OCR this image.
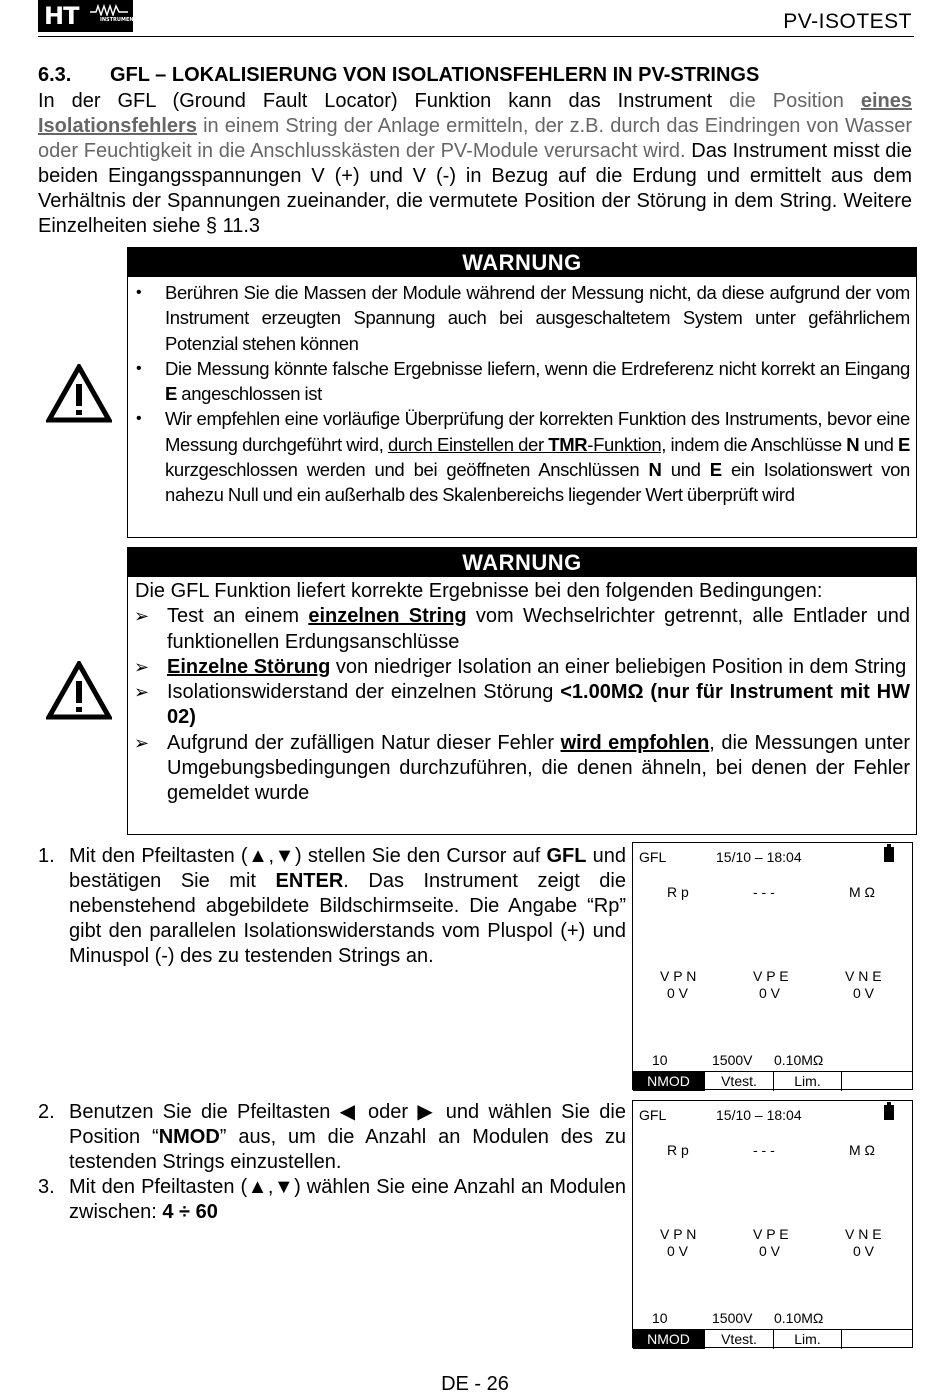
HT	INSTRUMENTS	PV-ISOTEST
6.3. GFL – LOKALISIERUNG VON ISOLATIONSFEHLERN IN PV-STRINGS
In der GFL (Ground Fault Locator) Funktion kann das Instrument die Position eines Isolationsfehlers in einem String der Anlage ermitteln, der z.B. durch das Eindringen von Wasser oder Feuchtigkeit in die Anschlusskästen der PV-Module verursacht wird. Das Instrument misst die beiden Eingangsspannungen V (+) und V (-) in Bezug auf die Erdung und ermittelt aus dem Verhältnis der Spannungen zueinander, die vermutete Position der Störung in dem String. Weitere Einzelheiten siehe § 11.3
WARNUNG
• Berühren Sie die Massen der Module während der Messung nicht, da diese aufgrund der vom Instrument erzeugten Spannung auch bei ausgeschaltetem System unter gefährlichem Potenzial stehen können
• Die Messung könnte falsche Ergebnisse liefern, wenn die Erdreferenz nicht korrekt an Eingang E angeschlossen ist
• Wir empfehlen eine vorläufige Überprüfung der korrekten Funktion des Instruments, bevor eine Messung durchgeführt wird, durch Einstellen der TMR-Funktion, indem die Anschlüsse N und E kurzgeschlossen werden und bei geöffneten Anschlüssen N und E ein Isolationswert von nahezu Null und ein außerhalb des Skalenbereichs liegender Wert überprüft wird
WARNUNG
Die GFL Funktion liefert korrekte Ergebnisse bei den folgenden Bedingungen:
➢ Test an einem einzelnen String vom Wechselrichter getrennt, alle Entlader und funktionellen Erdungsanschlüsse
➢ Einzelne Störung von niedriger Isolation an einer beliebigen Position in dem String
➢ Isolationswiderstand der einzelnen Störung <1.00MΩ (nur für Instrument mit HW 02)
➢ Aufgrund der zufälligen Natur dieser Fehler wird empfohlen, die Messungen unter Umgebungsbedingungen durchzuführen, die denen ähneln, bei denen der Fehler gemeldet wurde
1. Mit den Pfeiltasten (▲,▼) stellen Sie den Cursor auf GFL und bestätigen Sie mit ENTER. Das Instrument zeigt die nebenstehend abgebildete Bildschirmseite. Die Angabe “Rp” gibt den parallelen Isolationswiderstands vom Pluspol (+) und Minuspol (-) des zu testenden Strings an.
GFL	15/10 – 18:04
R p	- - -	M Ω
V P N	V P E	V N E
0 V	0 V	0 V
10	1500V 0.10MΩ
NMOD	Vtest.	Lim.
2. Benutzen Sie die Pfeiltasten ◀ oder ▶ und wählen Sie die Position “NMOD” aus, um die Anzahl an Modulen des zu testenden Strings einzustellen.
3. Mit den Pfeiltasten (▲,▼) wählen Sie eine Anzahl an Modulen zwischen: 4 ÷ 60
GFL	15/10 – 18:04
R p	- - -	M Ω
V P N	V P E	V N E
0 V	0 V	0 V
10	1500V 0.10MΩ
NMOD	Vtest.	Lim.
DE - 26
